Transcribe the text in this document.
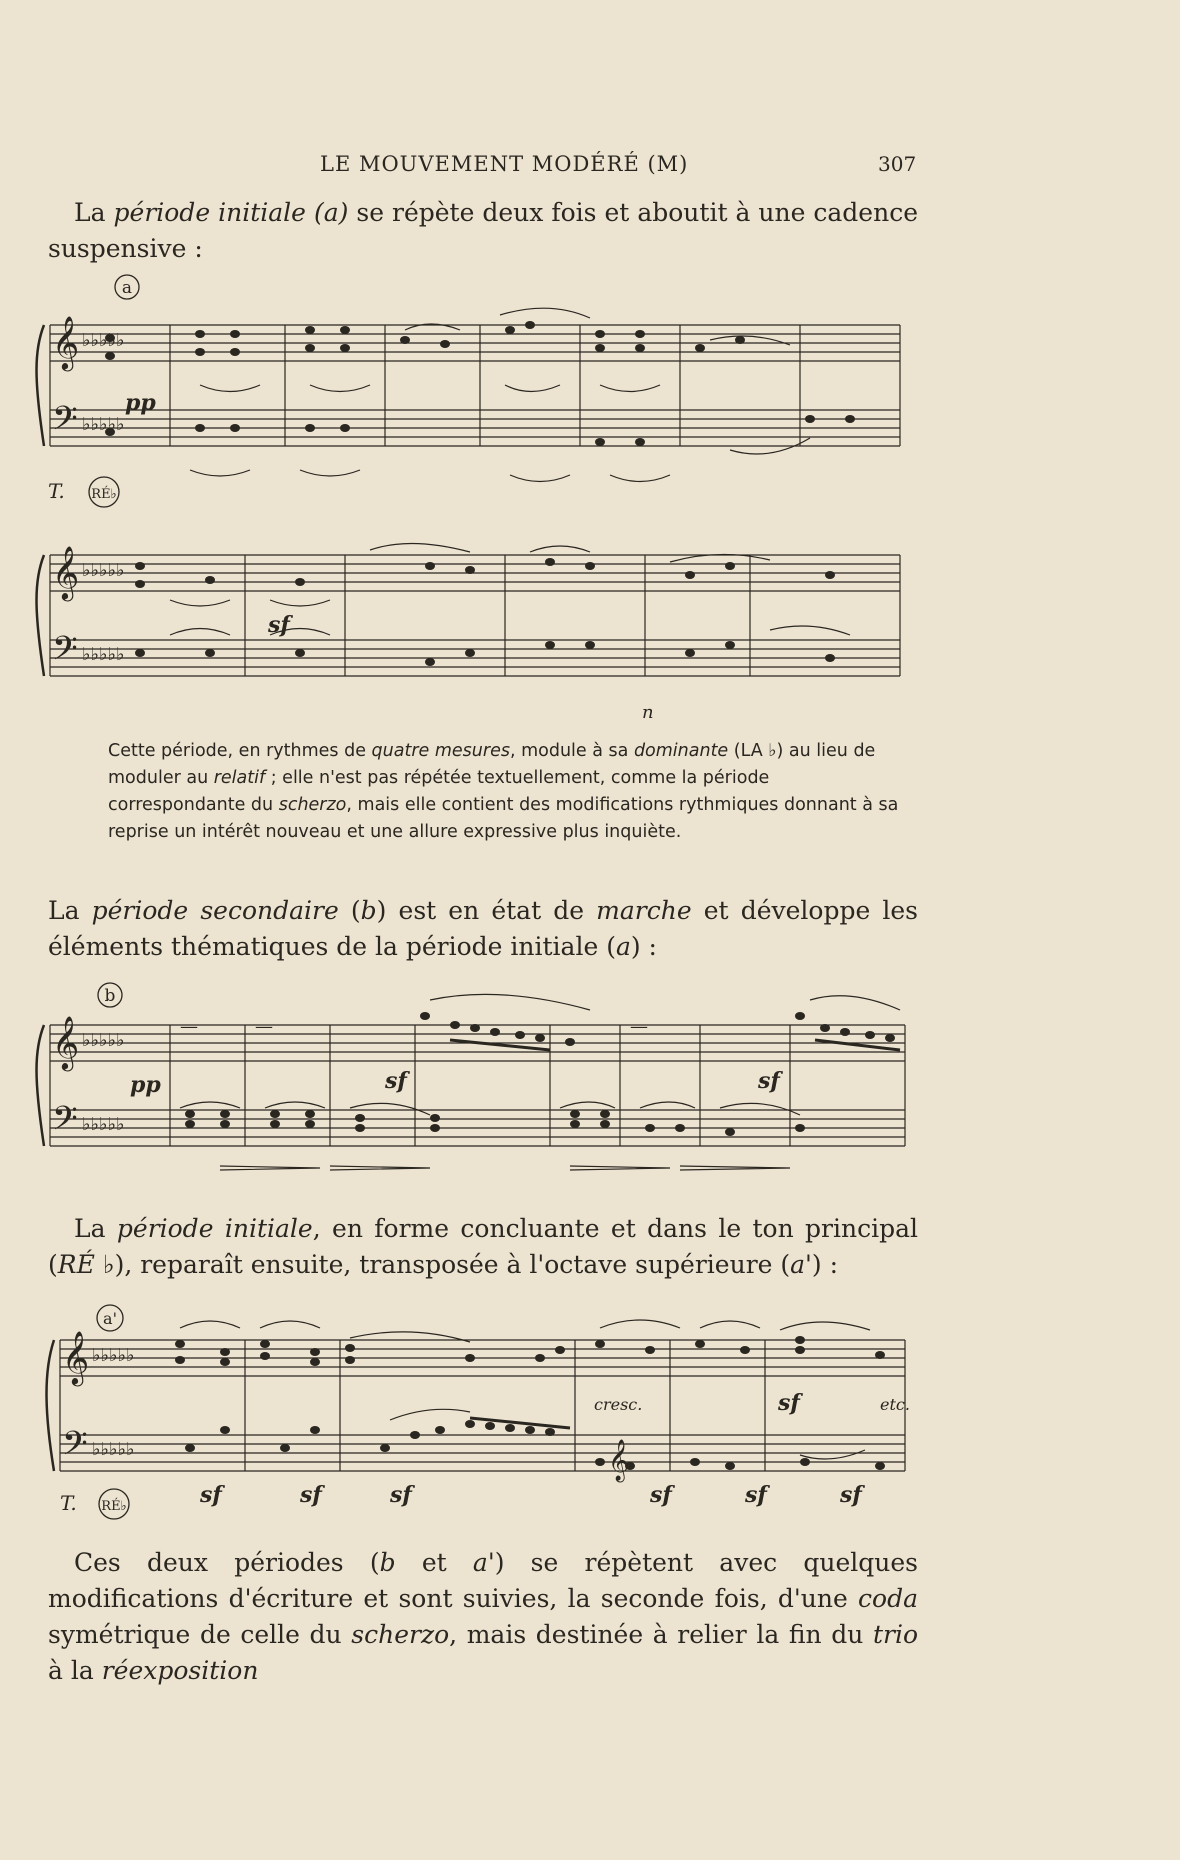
LE MOUVEMENT MODÉRÉ (M)	307

La période initiale (a) se répète deux fois et aboutit à une cadence suspensive :

𝄞
𝄢
𝄞
𝄢
♭♭♭♭♭
♭♭♭♭♭
♭♭♭♭♭
♭♭♭♭♭
a
pp
T. RÉ♭
sf
n

Cette période, en rythmes de quatre mesures, module à sa dominante (LA ♭) au lieu de moduler au relatif ; elle n'est pas répétée textuellement, comme la période correspondante du scherzo, mais elle contient des modifications rythmiques donnant à sa reprise un intérêt nouveau et une allure expressive plus inquiète.

La période secondaire (b) est en état de marche et développe les éléments thématiques de la période initiale (a) :

𝄞
𝄢
♭♭♭♭♭
♭♭♭♭♭
—
—	—
b
pp	sf	sf

La période initiale, en forme concluante et dans le ton principal (RÉ ♭), reparaît ensuite, transposée à l'octave supérieure (a') :

𝄞
𝄢
♭♭♭♭♭
♭♭♭♭♭	𝄞
a'
cresc.	sf	etc.
sf	sf	sf	sf	sf	sf
T. RÉ♭

Ces deux périodes (b et a') se répètent avec quelques modifications d'écriture et sont suivies, la seconde fois, d'une coda symétrique de celle du scherzo, mais destinée à relier la fin du trio à la réexposition
